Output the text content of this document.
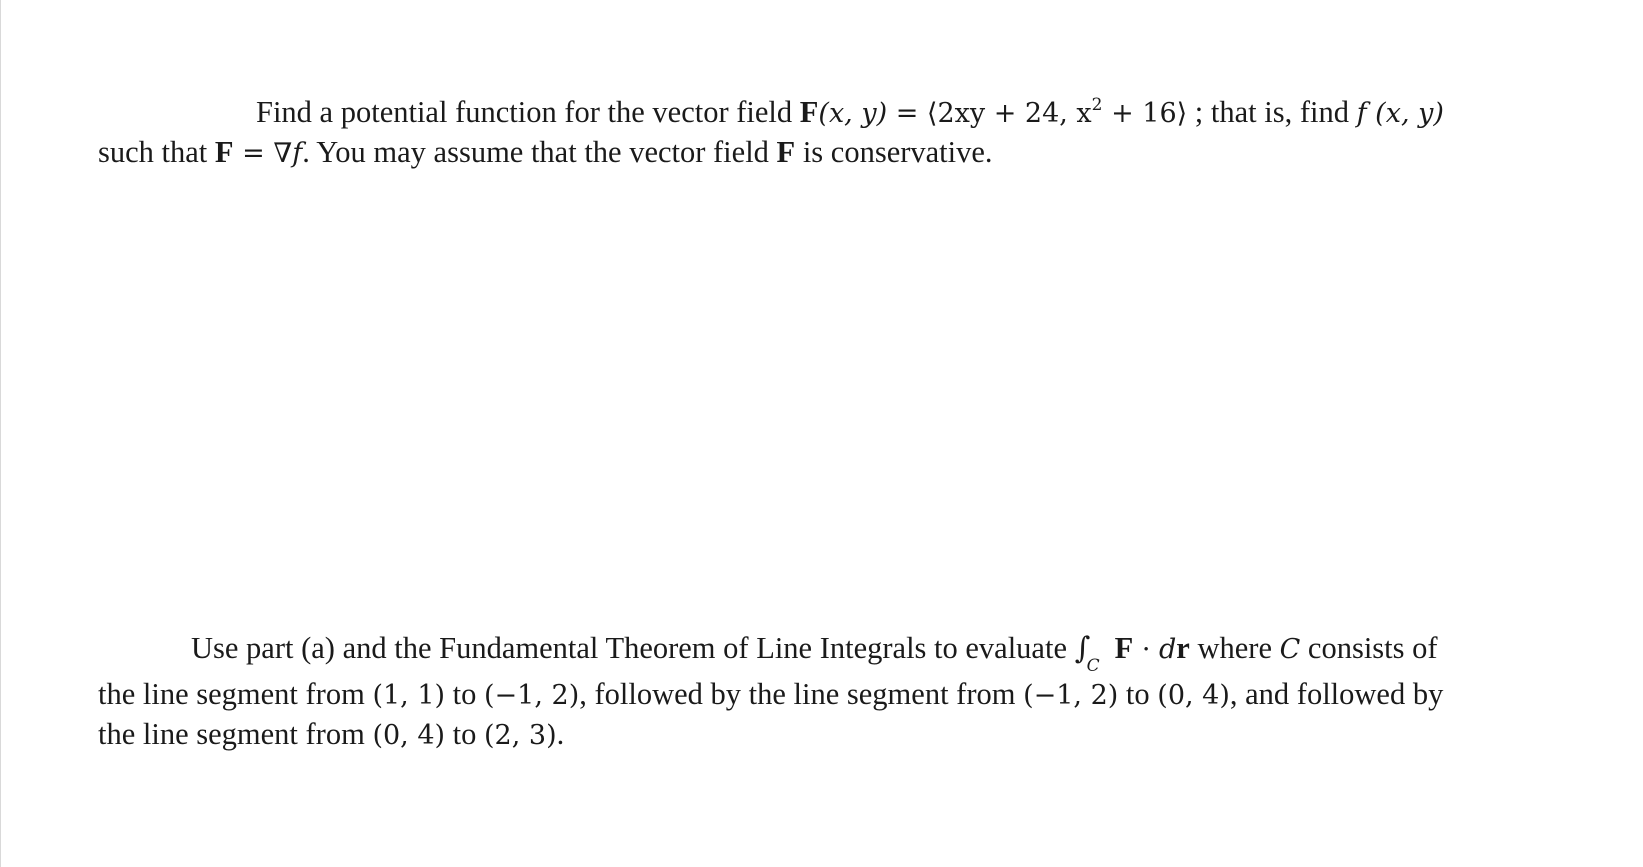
Find a potential function for the vector field F(x, y) = ⟨2xy + 24, $x^2$ + 16⟩ ; that is, find f (x, y)
such that F = ∇f. You may assume that the vector field F is conservative.
Use part (a) and the Fundamental Theorem of Line Integrals to evaluate ∫
C
F · dr where C consists of
the line segment from (1, 1) to (−1, 2), followed by the line segment from (−1, 2) to (0, 4), and followed by
the line segment from (0, 4) to (2, 3).
